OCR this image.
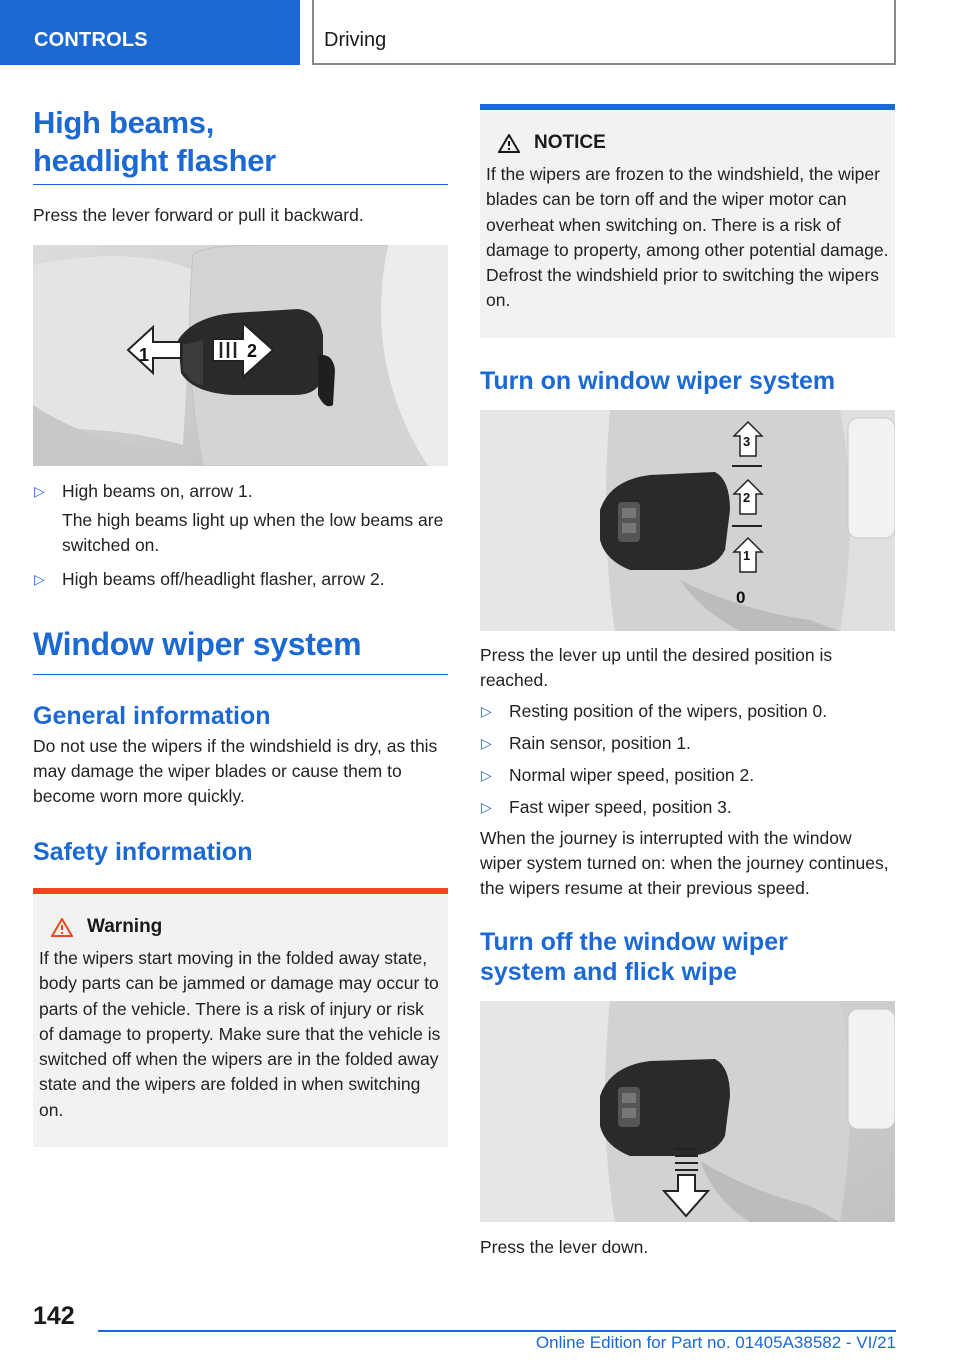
CONTROLS	Driving
High beams,
headlight flasher

Press the lever forward or pull it backward.

1	2
▷ High beams on, arrow 1.
The high beams light up when the low beams are switched on.
▷ High beams off/headlight flasher, arrow 2.
Window wiper system
General information

Do not use the wipers if the windshield is dry, as this may damage the wiper blades or cause them to become worn more quickly.

Safety information
Warning
If the wipers start moving in the folded away state, body parts can be jammed or damage may occur to parts of the vehicle. There is a risk of injury or risk of damage to property. Make sure that the vehicle is switched off when the wipers are in the folded away state and the wipers are folded in when switching on.
NOTICE
If the wipers are frozen to the windshield, the wiper blades can be torn off and the wiper motor can overheat when switching on. There is a risk of damage to property, among other potential damage. Defrost the windshield prior to switching the wipers on.
Turn on window wiper system
3
2
1
0

Press the lever up until the desired position is reached.

▷ Resting position of the wipers, position 0.
▷ Rain sensor, position 1.
▷ Normal wiper speed, position 2.
▷ Fast wiper speed, position 3.

When the journey is interrupted with the window wiper system turned on: when the journey continues, the wipers resume at their previous speed.

Turn off the window wiper
system and flick wipe

Press the lever down.

142
Online Edition for Part no. 01405A38582 - VI/21
